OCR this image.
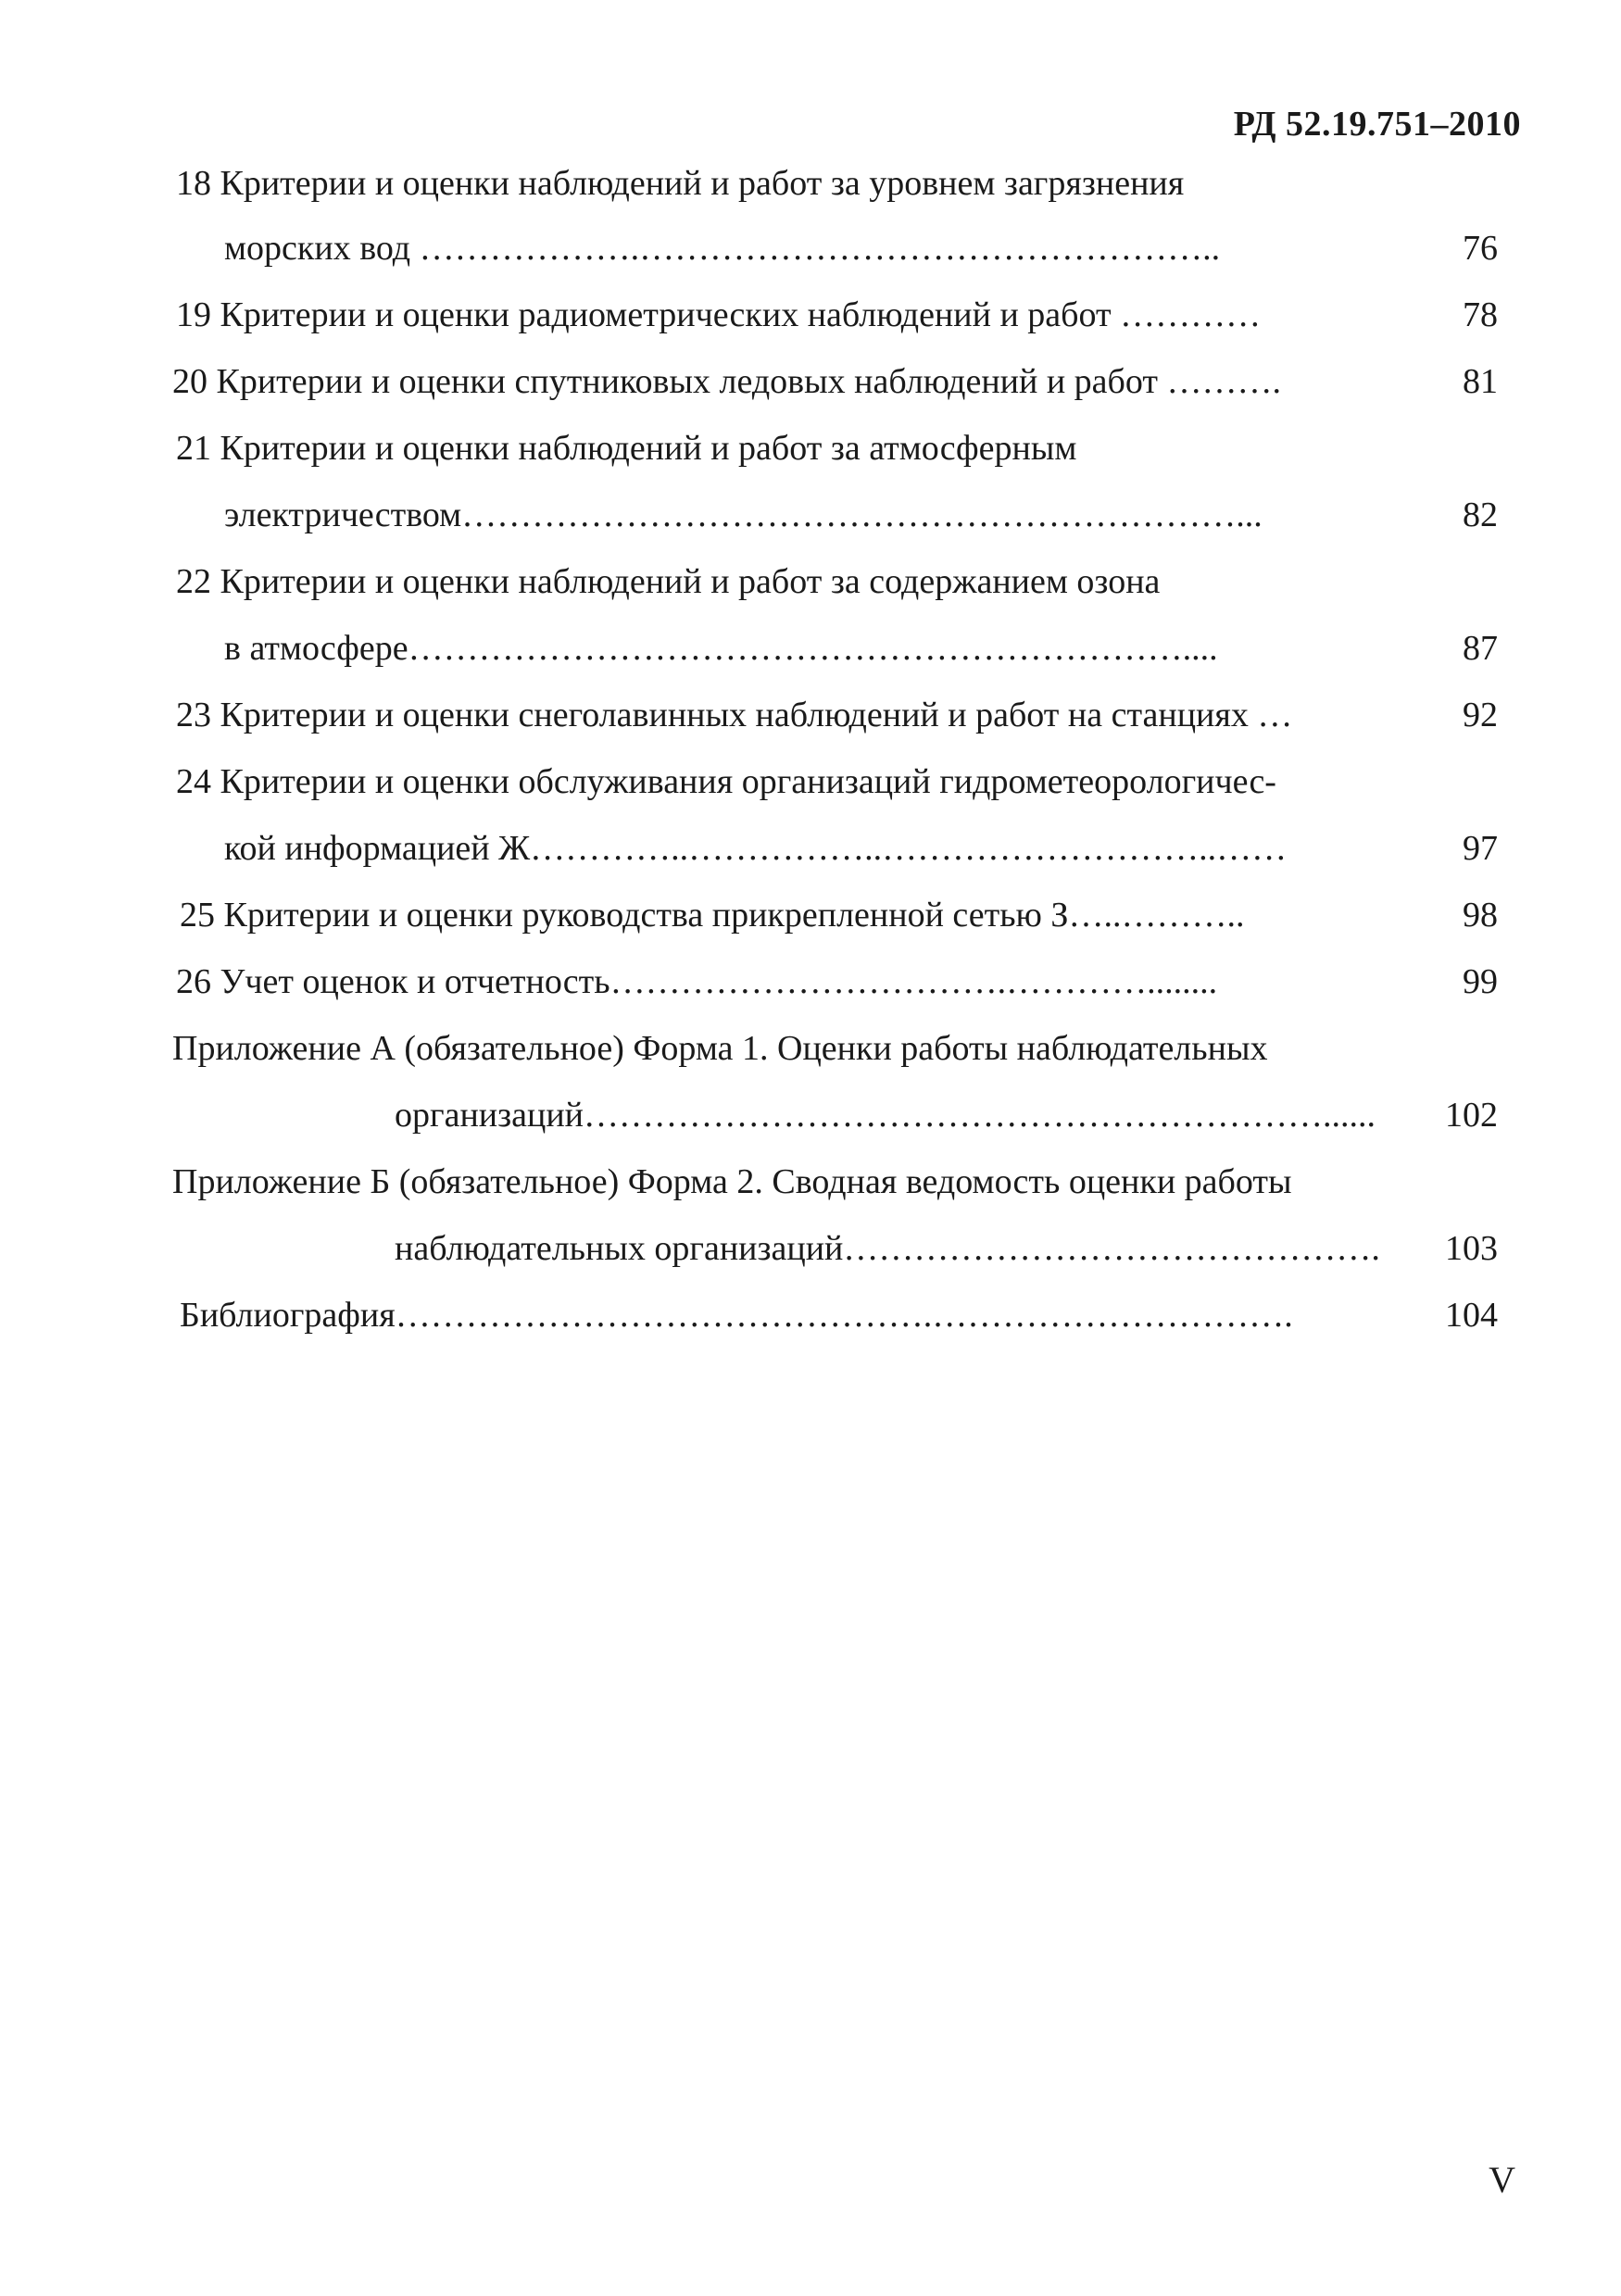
РД 52.19.751–2010
18 Критерии и оценки наблюдений и работ за уровнем загрязнения
морских вод ……………….…………………………………………..	76
19 Критерии и оценки радиометрических наблюдений и работ …………	78
20 Критерии и оценки спутниковых ледовых наблюдений и работ ……….	81
21 Критерии и оценки наблюдений и работ за атмосферным
электричеством…………………………………………………………...	82
22 Критерии и оценки наблюдений и работ за содержанием озона
в атмосфере…………………………………………………………....	87
23 Критерии и оценки снеголавинных наблюдений и работ на станциях …	92
24 Критерии и оценки обслуживания организаций гидрометеорологичес-
кой информацией Ж…………..……………..………………………..……	97
25 Критерии и оценки руководства прикрепленной сетью З…..………..	98
26 Учет оценок и отчетность…………………………….…………........	99
Приложение А (обязательное) Форма 1. Оценки работы наблюдательных
организаций………………………………………………………...... 102
Приложение Б (обязательное) Форма 2. Сводная ведомость оценки работы
наблюдательных организаций………………………………………. 103
Библиография……………………………………….………………………….	104
V
